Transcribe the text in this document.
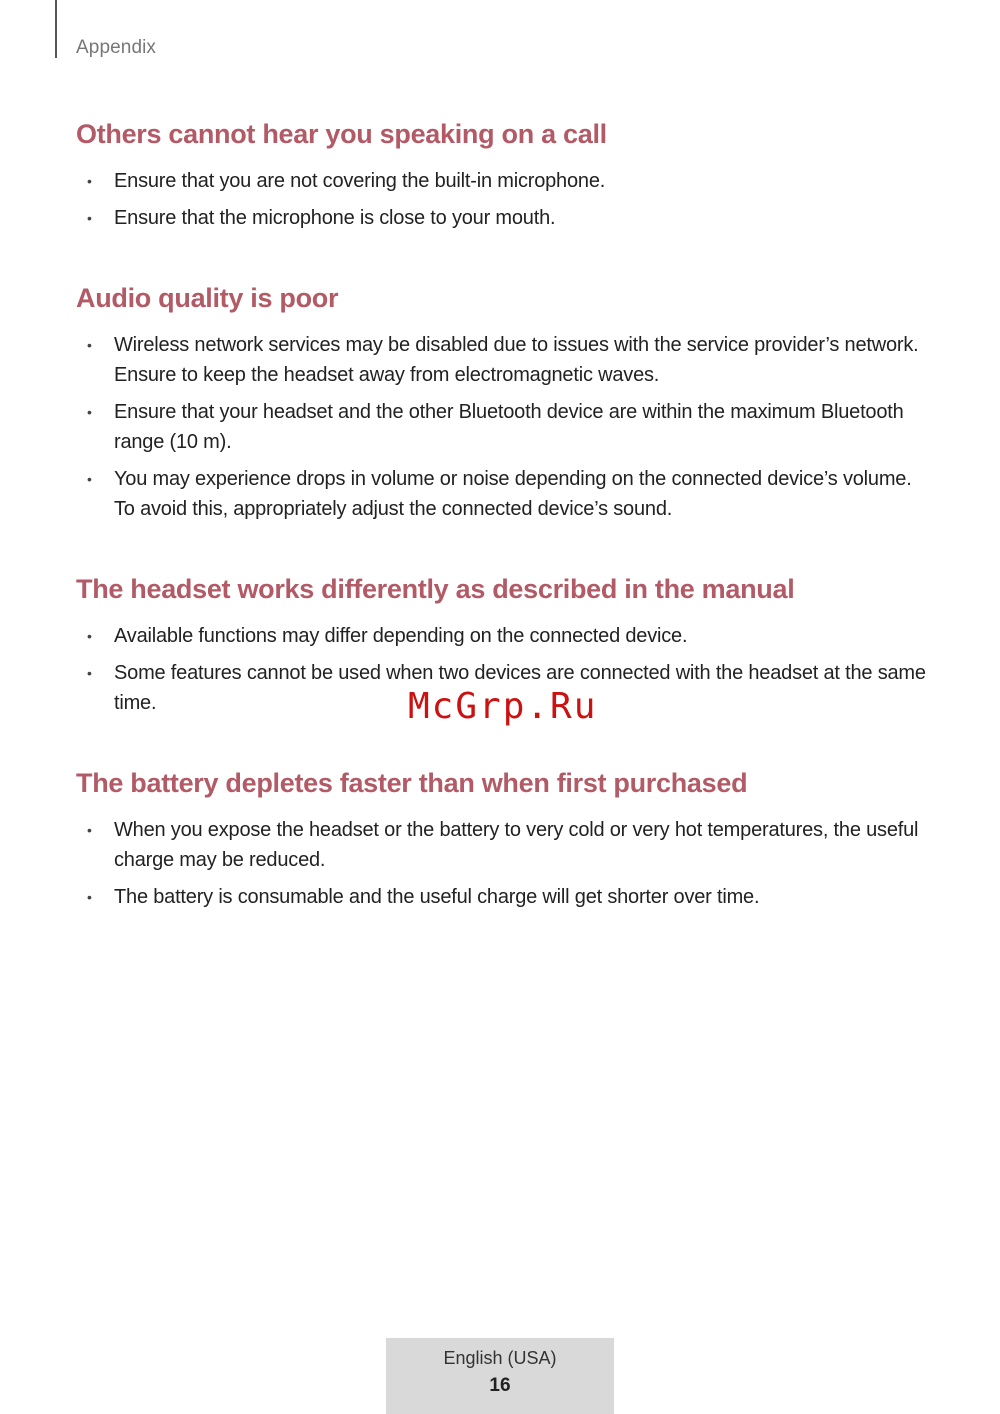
Appendix
Others cannot hear you speaking on a call
• Ensure that you are not covering the built-in microphone.
• Ensure that the microphone is close to your mouth.
Audio quality is poor
• Wireless network services may be disabled due to issues with the service provider’s network. Ensure to keep the headset away from electromagnetic waves.
• Ensure that your headset and the other Bluetooth device are within the maximum Bluetooth range (10 m).
• You may experience drops in volume or noise depending on the connected device’s volume. To avoid this, appropriately adjust the connected device’s sound.
The headset works differently as described in the manual
• Available functions may differ depending on the connected device.
• Some features cannot be used when two devices are connected with the headset at the same time.
The battery depletes faster than when first purchased
• When you expose the headset or the battery to very cold or very hot temperatures, the useful charge may be reduced.
• The battery is consumable and the useful charge will get shorter over time.
McGrp.Ru
English (USA)
16
